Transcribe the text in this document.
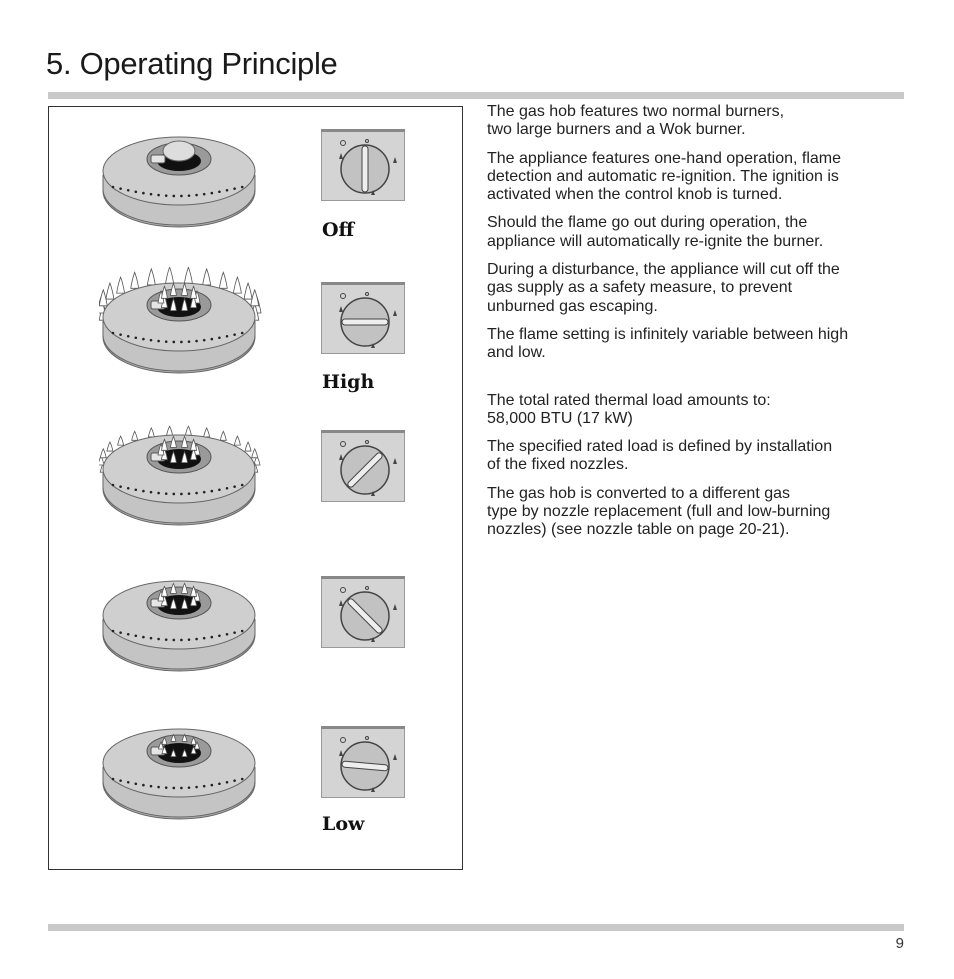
5. Operating Principle
Off
High
Low

The gas hob features two normal burners,
two large burners and a Wok burner.

The appliance features one-hand operation, flame
detection and automatic re-ignition. The ignition is
activated when the control knob is turned.

Should the flame go out during operation, the
appliance will automatically re-ignite the burner.

During a disturbance, the appliance will cut off the
gas supply as a safety measure, to prevent
unburned gas escaping.

The flame setting is infinitely variable between high
and low.

The total rated thermal load amounts to:
58,000 BTU (17 kW)

The specified rated load is defined by installation
of the fixed nozzles.

The gas hob is converted to a different gas
type by nozzle replacement (full and low-burning
nozzles) (see nozzle table on page 20-21).

9
